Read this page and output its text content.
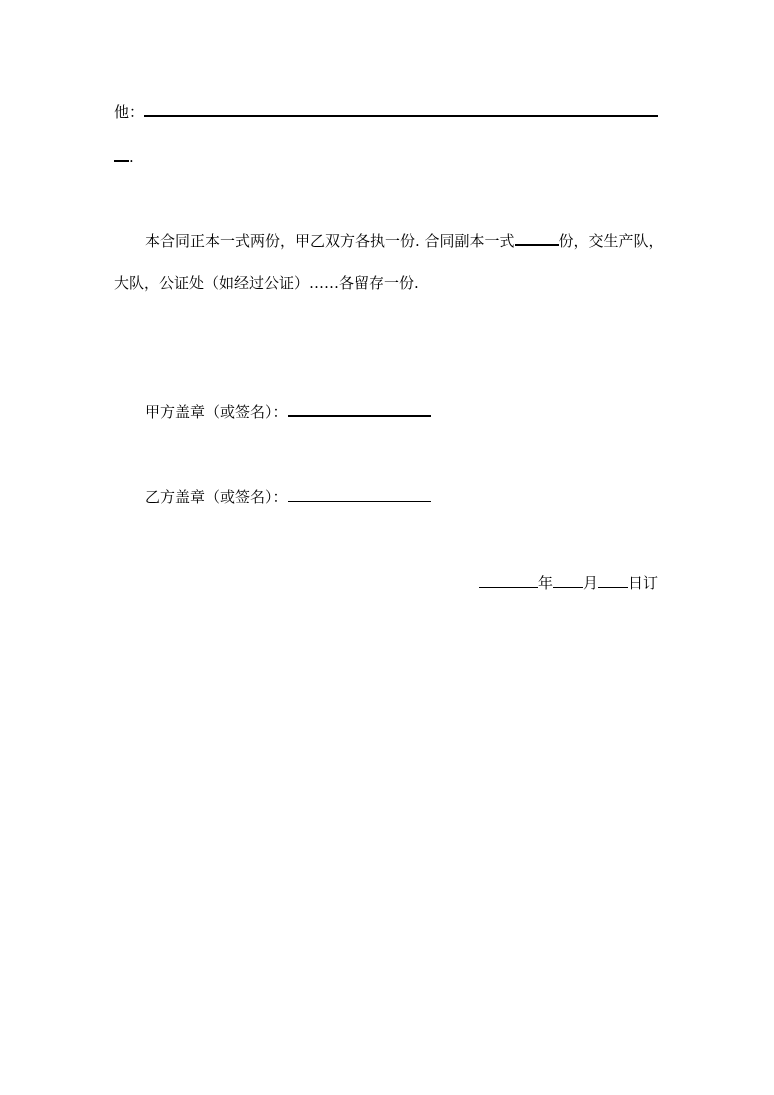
他：
.
本合同正本一式两份，甲乙双方各执一份. 合同副本一式	份，交生产队，
大队，公证处（如经过公证）……各留存一份.
甲方盖章（或签名）：
乙方盖章（或签名）：
年 月 日订
